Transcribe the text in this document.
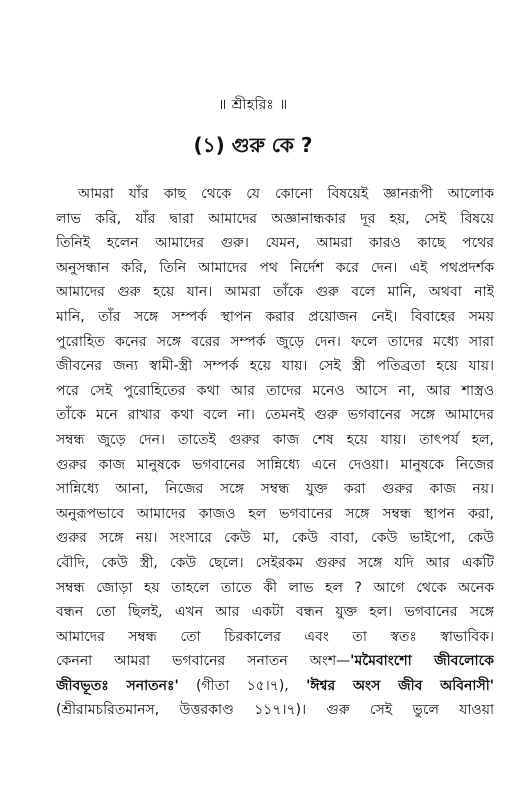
॥ শ্রীহরিঃ ॥
(১) গুরু কে ?
আমরা যাঁর কাছ থেকে যে কোনো বিষয়েই জ্ঞানরূপী আলোক
লাভ করি, যাঁর দ্বারা আমাদের অজ্ঞানান্ধকার দূর হয়, সেই বিষয়ে
তিনিই হলেন আমাদের গুরু। যেমন, আমরা কারও কাছে পথের
অনুসন্ধান করি, তিনি আমাদের পথ নির্দেশ করে দেন। এই পথপ্রদর্শক
আমাদের গুরু হয়ে যান। আমরা তাঁকে গুরু বলে মানি, অথবা নাই
মানি, তাঁর সঙ্গে সম্পর্ক স্থাপন করার প্রয়োজন নেই। বিবাহের সময়
পুরোহিত কনের সঙ্গে বরের সম্পর্ক জুড়ে দেন। ফলে তাদের মধ্যে সারা
জীবনের জন্য স্বামী-স্ত্রী সম্পর্ক হয়ে যায়। সেই স্ত্রী পতিব্রতা হয়ে যায়।
পরে সেই পুরোহিতের কথা আর তাদের মনেও আসে না, আর শাস্ত্রও
তাঁকে মনে রাখার কথা বলে না। তেমনই গুরু ভগবানের সঙ্গে আমাদের
সম্বন্ধ জুড়ে দেন। তাতেই গুরুর কাজ শেষ হয়ে যায়। তাৎপর্য হল,
গুরুর কাজ মানুষকে ভগবানের সান্নিধ্যে এনে দেওয়া। মানুষকে নিজের
সান্নিধ্যে আনা, নিজের সঙ্গে সম্বন্ধ যুক্ত করা গুরুর কাজ নয়।
অনুরূপভাবে আমাদের কাজও হল ভগবানের সঙ্গে সম্বন্ধ স্থাপন করা,
গুরুর সঙ্গে নয়। সংসারে কেউ মা, কেউ বাবা, কেউ ভাইপো, কেউ
বৌদি, কেউ স্ত্রী, কেউ ছেলে। সেইরকম গুরুর সঙ্গে যদি আর একটি
সম্বন্ধ জোড়া হয় তাহলে তাতে কী লাভ হল ? আগে থেকে অনেক
বন্ধন তো ছিলই, এখন আর একটা বন্ধন যুক্ত হল। ভগবানের সঙ্গে
আমাদের সম্বন্ধ তো চিরকালের এবং তা স্বতঃ স্বাভাবিক।
কেননা আমরা ভগবানের সনাতন অংশ—'মমৈবাংশো জীবলোকে
জীবভূতঃ সনাতনঃ' (গীতা ১৫।৭), 'ঈশ্বর অংস জীব অবিনাসী'
(শ্রীরামচরিতমানস, উত্তরকাণ্ড ১১৭।৭)। গুরু সেই ভুলে যাওয়া
